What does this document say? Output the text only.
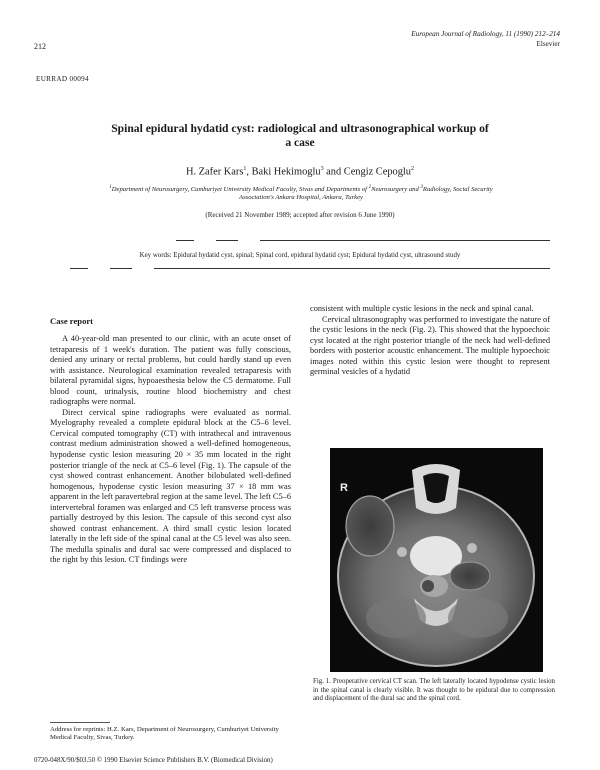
212
European Journal of Radiology, 11 (1990) 212–214
Elsevier
EURRAD 00094
Spinal epidural hydatid cyst: radiological and ultrasonographical workup of
a case
H. Zafer Kars$^1$, Baki Hekimoglu$^3$ and Cengiz Cepoglu$^2$
$^1$Department of Neurosurgery, Cumhuriyet University Medical Faculty, Sivas and Departments of $^2$Neurosurgery and $^3$Radiology, Social Security
Association's Ankara Hospital, Ankara, Turkey
(Received 21 November 1989; accepted after revision 6 June 1990)
Key words: Epidural hydatid cyst, spinal; Spinal cord, epidural hydatid cyst; Epidural hydatid cyst, ultrasound study
Case report

A 40-year-old man presented to our clinic, with an acute onset of tetraparesis of 1 week's duration. The patient was fully conscious, denied any urinary or rectal problems, but could hardly stand up even with assistance. Neurological examination revealed tetraparesis with bilateral pyramidal signs, hypoaesthesia below the C5 dermatome. Full blood count, urinalysis, routine blood biochemistry and chest radiographs were normal.

Direct cervical spine radiographs were evaluated as normal. Myelography revealed a complete epidural block at the C5–6 level. Cervical computed tomography (CT) with intrathecal and intravenous contrast medium administration showed a well-defined homogeneous, hypodense cystic lesion measuring 20 × 35 mm located in the right posterior triangle of the neck at C5–6 level (Fig. 1). The capsule of the cyst showed contrast enhancement. Another bilobulated well-defined homogenous, hypodense cystic lesion measuring 37 × 18 mm was apparent in the left paravertebral region at the same level. The left C5–6 intervertebral foramen was enlarged and C5 left transverse process was partially destroyed by this lesion. The capsule of this second cyst also showed contrast enhancement. A third small cystic lesion located laterally in the left side of the spinal canal at the C5 level was also seen. The medulla spinalis and dural sac were compressed and displaced to the right by this lesion. CT findings were

Address for reprints: H.Z. Kars, Department of Neurosurgery, Cumhuriyet University Medical Faculty, Sivas, Turkey.

consistent with multiple cystic lesions in the neck and spinal canal.

Cervical ultrasonography was performed to investigate the nature of the cystic lesions in the neck (Fig. 2). This showed that the hypoechoic cyst located at the right posterior triangle of the neck had well-defined borders with posterior acoustic enhancement. The multiple hypoechoic images noted within this cystic lesion were thought to represent germinal vesicles of a hydatid

R
Fig. 1. Preoperative cervical CT scan. The left laterally located hypodense cystic lesion in the spinal canal is clearly visible. It was thought to be epidural due to compression and displacement of the dural sac and the spinal cord.
0720-048X/90/$03.50 © 1990 Elsevier Science Publishers B.V. (Biomedical Division)
